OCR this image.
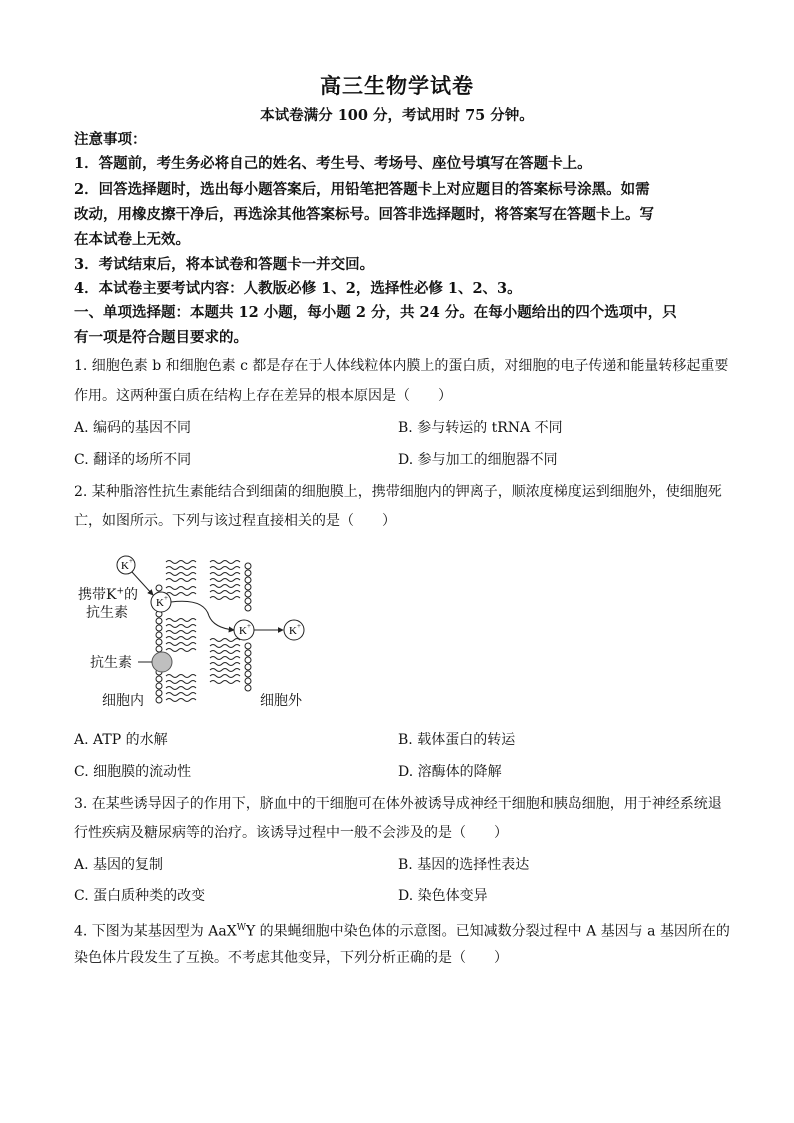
高三生物学试卷
本试卷满分 100 分，考试用时 75 分钟。
注意事项：
1．答题前，考生务必将自己的姓名、考生号、考场号、座位号填写在答题卡上。
2．回答选择题时，选出每小题答案后，用铅笔把答题卡上对应题目的答案标号涂黑。如需
改动，用橡皮擦干净后，再选涂其他答案标号。回答非选择题时，将答案写在答题卡上。写
在本试卷上无效。
3．考试结束后，将本试卷和答题卡一并交回。
4．本试卷主要考试内容：人教版必修 1、2，选择性必修 1、2、3。
一、单项选择题：本题共 12 小题，每小题 2 分，共 24 分。在每小题给出的四个选项中，只
有一项是符合题目要求的。
1. 细胞色素 b 和细胞色素 c 都是存在于人体线粒体内膜上的蛋白质，对细胞的电子传递和能量转移起重要
作用。这两种蛋白质在结构上存在差异的根本原因是（　　）
A. 编码的基因不同	B. 参与转运的 tRNA 不同
C. 翻译的场所不同	D. 参与加工的细胞器不同
2. 某种脂溶性抗生素能结合到细菌的细胞膜上，携带细胞内的钾离子，顺浓度梯度运到细胞外，使细胞死
亡，如图所示。下列与该过程直接相关的是（　　）
K +
K +
K +	K +
携带K+的
抗生素
抗生素
细胞内	细胞外
A. ATP 的水解	B. 载体蛋白的转运
C. 细胞膜的流动性	D. 溶酶体的降解
3. 在某些诱导因子的作用下，脐血中的干细胞可在体外被诱导成神经干细胞和胰岛细胞，用于神经系统退
行性疾病及糖尿病等的治疗。该诱导过程中一般不会涉及的是（　　）
A. 基因的复制	B. 基因的选择性表达
C. 蛋白质种类的改变	D. 染色体变异
4. 下图为某基因型为 AaX$^W$Y 的果蝇细胞中染色体的示意图。已知减数分裂过程中 A 基因与 a 基因所在的
染色体片段发生了互换。不考虑其他变异，下列分析正确的是（　　）
